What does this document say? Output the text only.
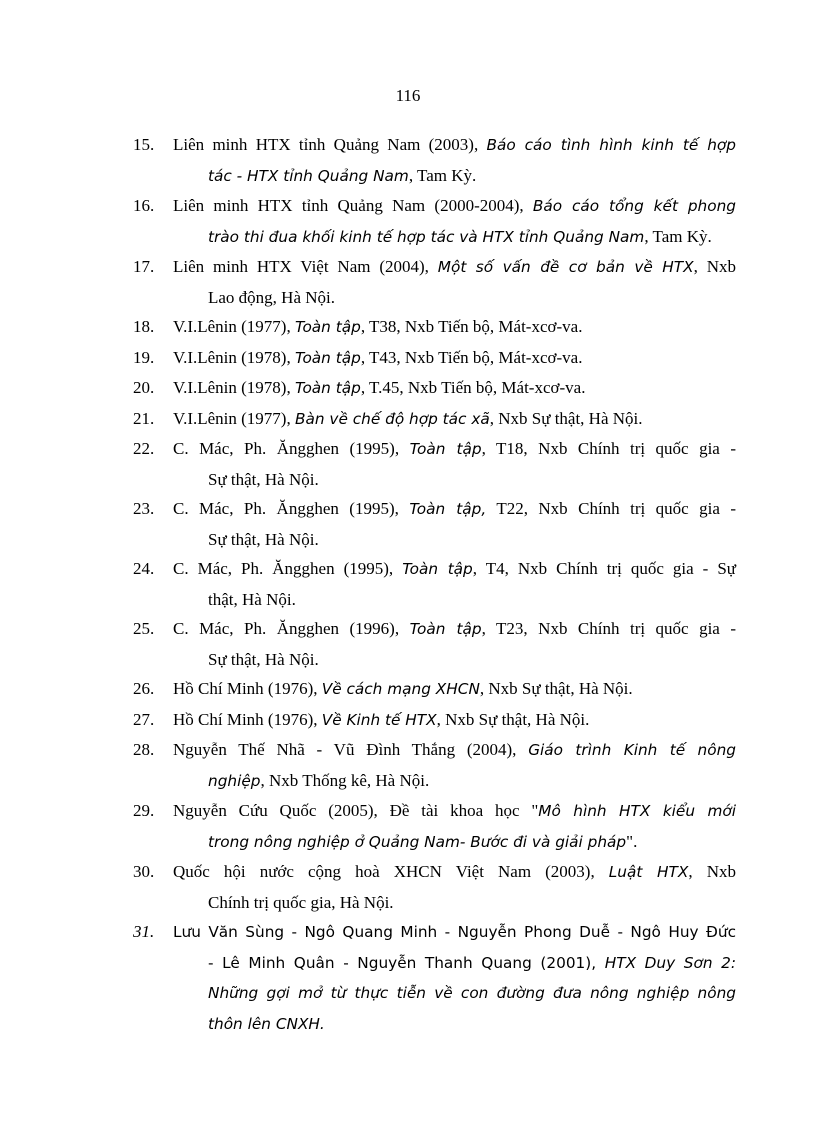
116
15.	Liên minh HTX tỉnh Quảng Nam (2003), Báo cáo tình hình kinh tế hợp
tác - HTX tỉnh Quảng Nam, Tam Kỳ.
16.	Liên minh HTX tỉnh Quảng Nam (2000-2004), Báo cáo tổng kết phong
trào thi đua khối kinh tế hợp tác và HTX tỉnh Quảng Nam, Tam Kỳ.
17.	Liên minh HTX Việt Nam (2004), Một số vấn đề cơ bản về HTX, Nxb
Lao động, Hà Nội.
18.	V.I.Lênin (1977), Toàn tập, T38, Nxb Tiến bộ, Mát-xcơ-va.
19.	V.I.Lênin (1978), Toàn tập, T43, Nxb Tiến bộ, Mát-xcơ-va.
20.	V.I.Lênin (1978), Toàn tập, T.45, Nxb Tiến bộ, Mát-xcơ-va.
21.	V.I.Lênin (1977), Bàn về chế độ hợp tác xã, Nxb Sự thật, Hà Nội.
22.	C. Mác, Ph. Ăngghen (1995), Toàn tập, T18, Nxb Chính trị quốc gia -
Sự thật, Hà Nội.
23.	C. Mác, Ph. Ăngghen (1995), Toàn tập, T22, Nxb Chính trị quốc gia -
Sự thật, Hà Nội.
24.	C. Mác, Ph. Ăngghen (1995), Toàn tập, T4, Nxb Chính trị quốc gia - Sự
thật, Hà Nội.
25.	C. Mác, Ph. Ăngghen (1996), Toàn tập, T23, Nxb Chính trị quốc gia -
Sự thật, Hà Nội.
26.	Hồ Chí Minh (1976), Về cách mạng XHCN, Nxb Sự thật, Hà Nội.
27.	Hồ Chí Minh (1976), Về Kinh tế HTX, Nxb Sự thật, Hà Nội.
28.	Nguyễn Thế Nhã - Vũ Đình Thắng (2004), Giáo trình Kinh tế nông
nghiệp, Nxb Thống kê, Hà Nội.
29.	Nguyễn Cứu Quốc (2005), Đề tài khoa học "Mô hình HTX kiểu mới
trong nông nghiệp ở Quảng Nam- Bước đi và giải pháp".
30.	Quốc hội nước cộng hoà XHCN Việt Nam (2003), Luật HTX, Nxb
Chính trị quốc gia, Hà Nội.
31.	Lưu Văn Sùng - Ngô Quang Minh - Nguyễn Phong Duễ - Ngô Huy Đức
- Lê Minh Quân - Nguyễn Thanh Quang (2001), HTX Duy Sơn 2:
Những gợi mở từ thực tiễn về con đường đưa nông nghiệp nông
thôn lên CNXH.
